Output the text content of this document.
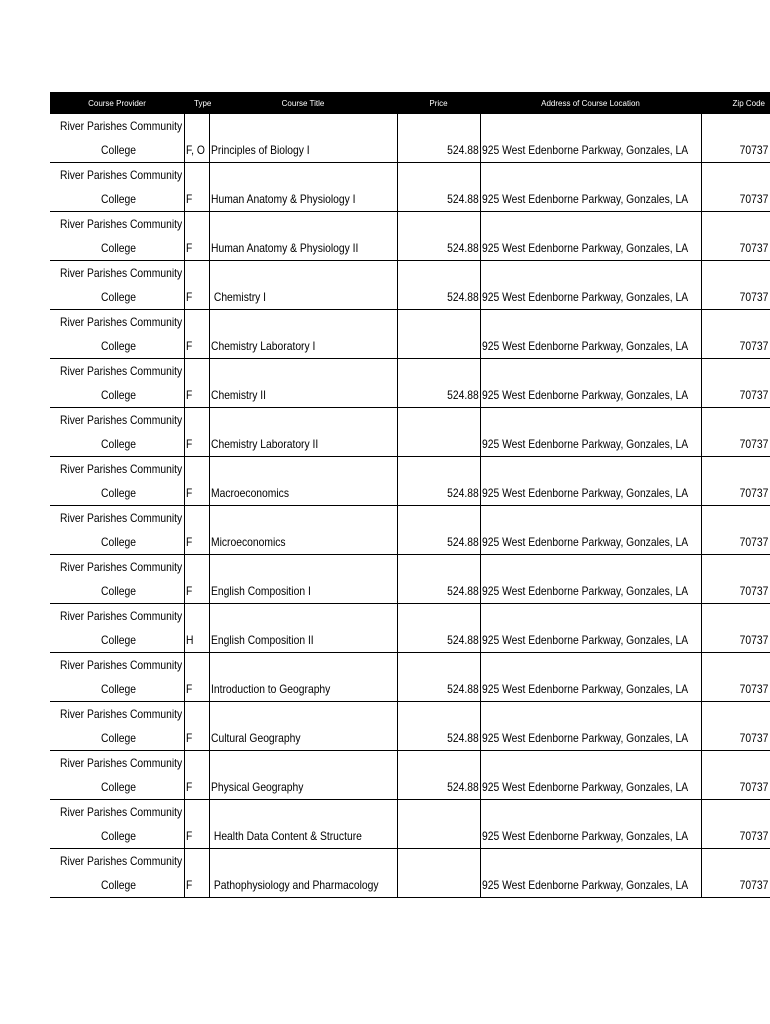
Course Provider	Type	Course Title	Price	Address of Course Location	Zip Code

River Parishes Community
College	F, O	Principles of Biology I	524.88	925 West Edenborne Parkway, Gonzales, LA	70737

River Parishes Community
College	F	Human Anatomy & Physiology I	524.88	925 West Edenborne Parkway, Gonzales, LA	70737

River Parishes Community
College	F	Human Anatomy & Physiology II	524.88	925 West Edenborne Parkway, Gonzales, LA	70737

River Parishes Community
College	F	Chemistry I	524.88	925 West Edenborne Parkway, Gonzales, LA	70737

River Parishes Community
College	F	Chemistry Laboratory I		925 West Edenborne Parkway, Gonzales, LA	70737

River Parishes Community
College	F	Chemistry II	524.88	925 West Edenborne Parkway, Gonzales, LA	70737

River Parishes Community
College	F	Chemistry Laboratory II		925 West Edenborne Parkway, Gonzales, LA	70737

River Parishes Community
College	F	Macroeconomics	524.88	925 West Edenborne Parkway, Gonzales, LA	70737

River Parishes Community
College	F	Microeconomics	524.88	925 West Edenborne Parkway, Gonzales, LA	70737

River Parishes Community
College	F	English Composition I	524.88	925 West Edenborne Parkway, Gonzales, LA	70737

River Parishes Community
College	H	English Composition II	524.88	925 West Edenborne Parkway, Gonzales, LA	70737

River Parishes Community
College	F	Introduction to Geography	524.88	925 West Edenborne Parkway, Gonzales, LA	70737

River Parishes Community
College	F	Cultural Geography	524.88	925 West Edenborne Parkway, Gonzales, LA	70737

River Parishes Community
College	F	Physical Geography	524.88	925 West Edenborne Parkway, Gonzales, LA	70737

River Parishes Community
College	F	Health Data Content & Structure		925 West Edenborne Parkway, Gonzales, LA	70737

River Parishes Community
College	F	Pathophysiology and Pharmacology		925 West Edenborne Parkway, Gonzales, LA	70737
